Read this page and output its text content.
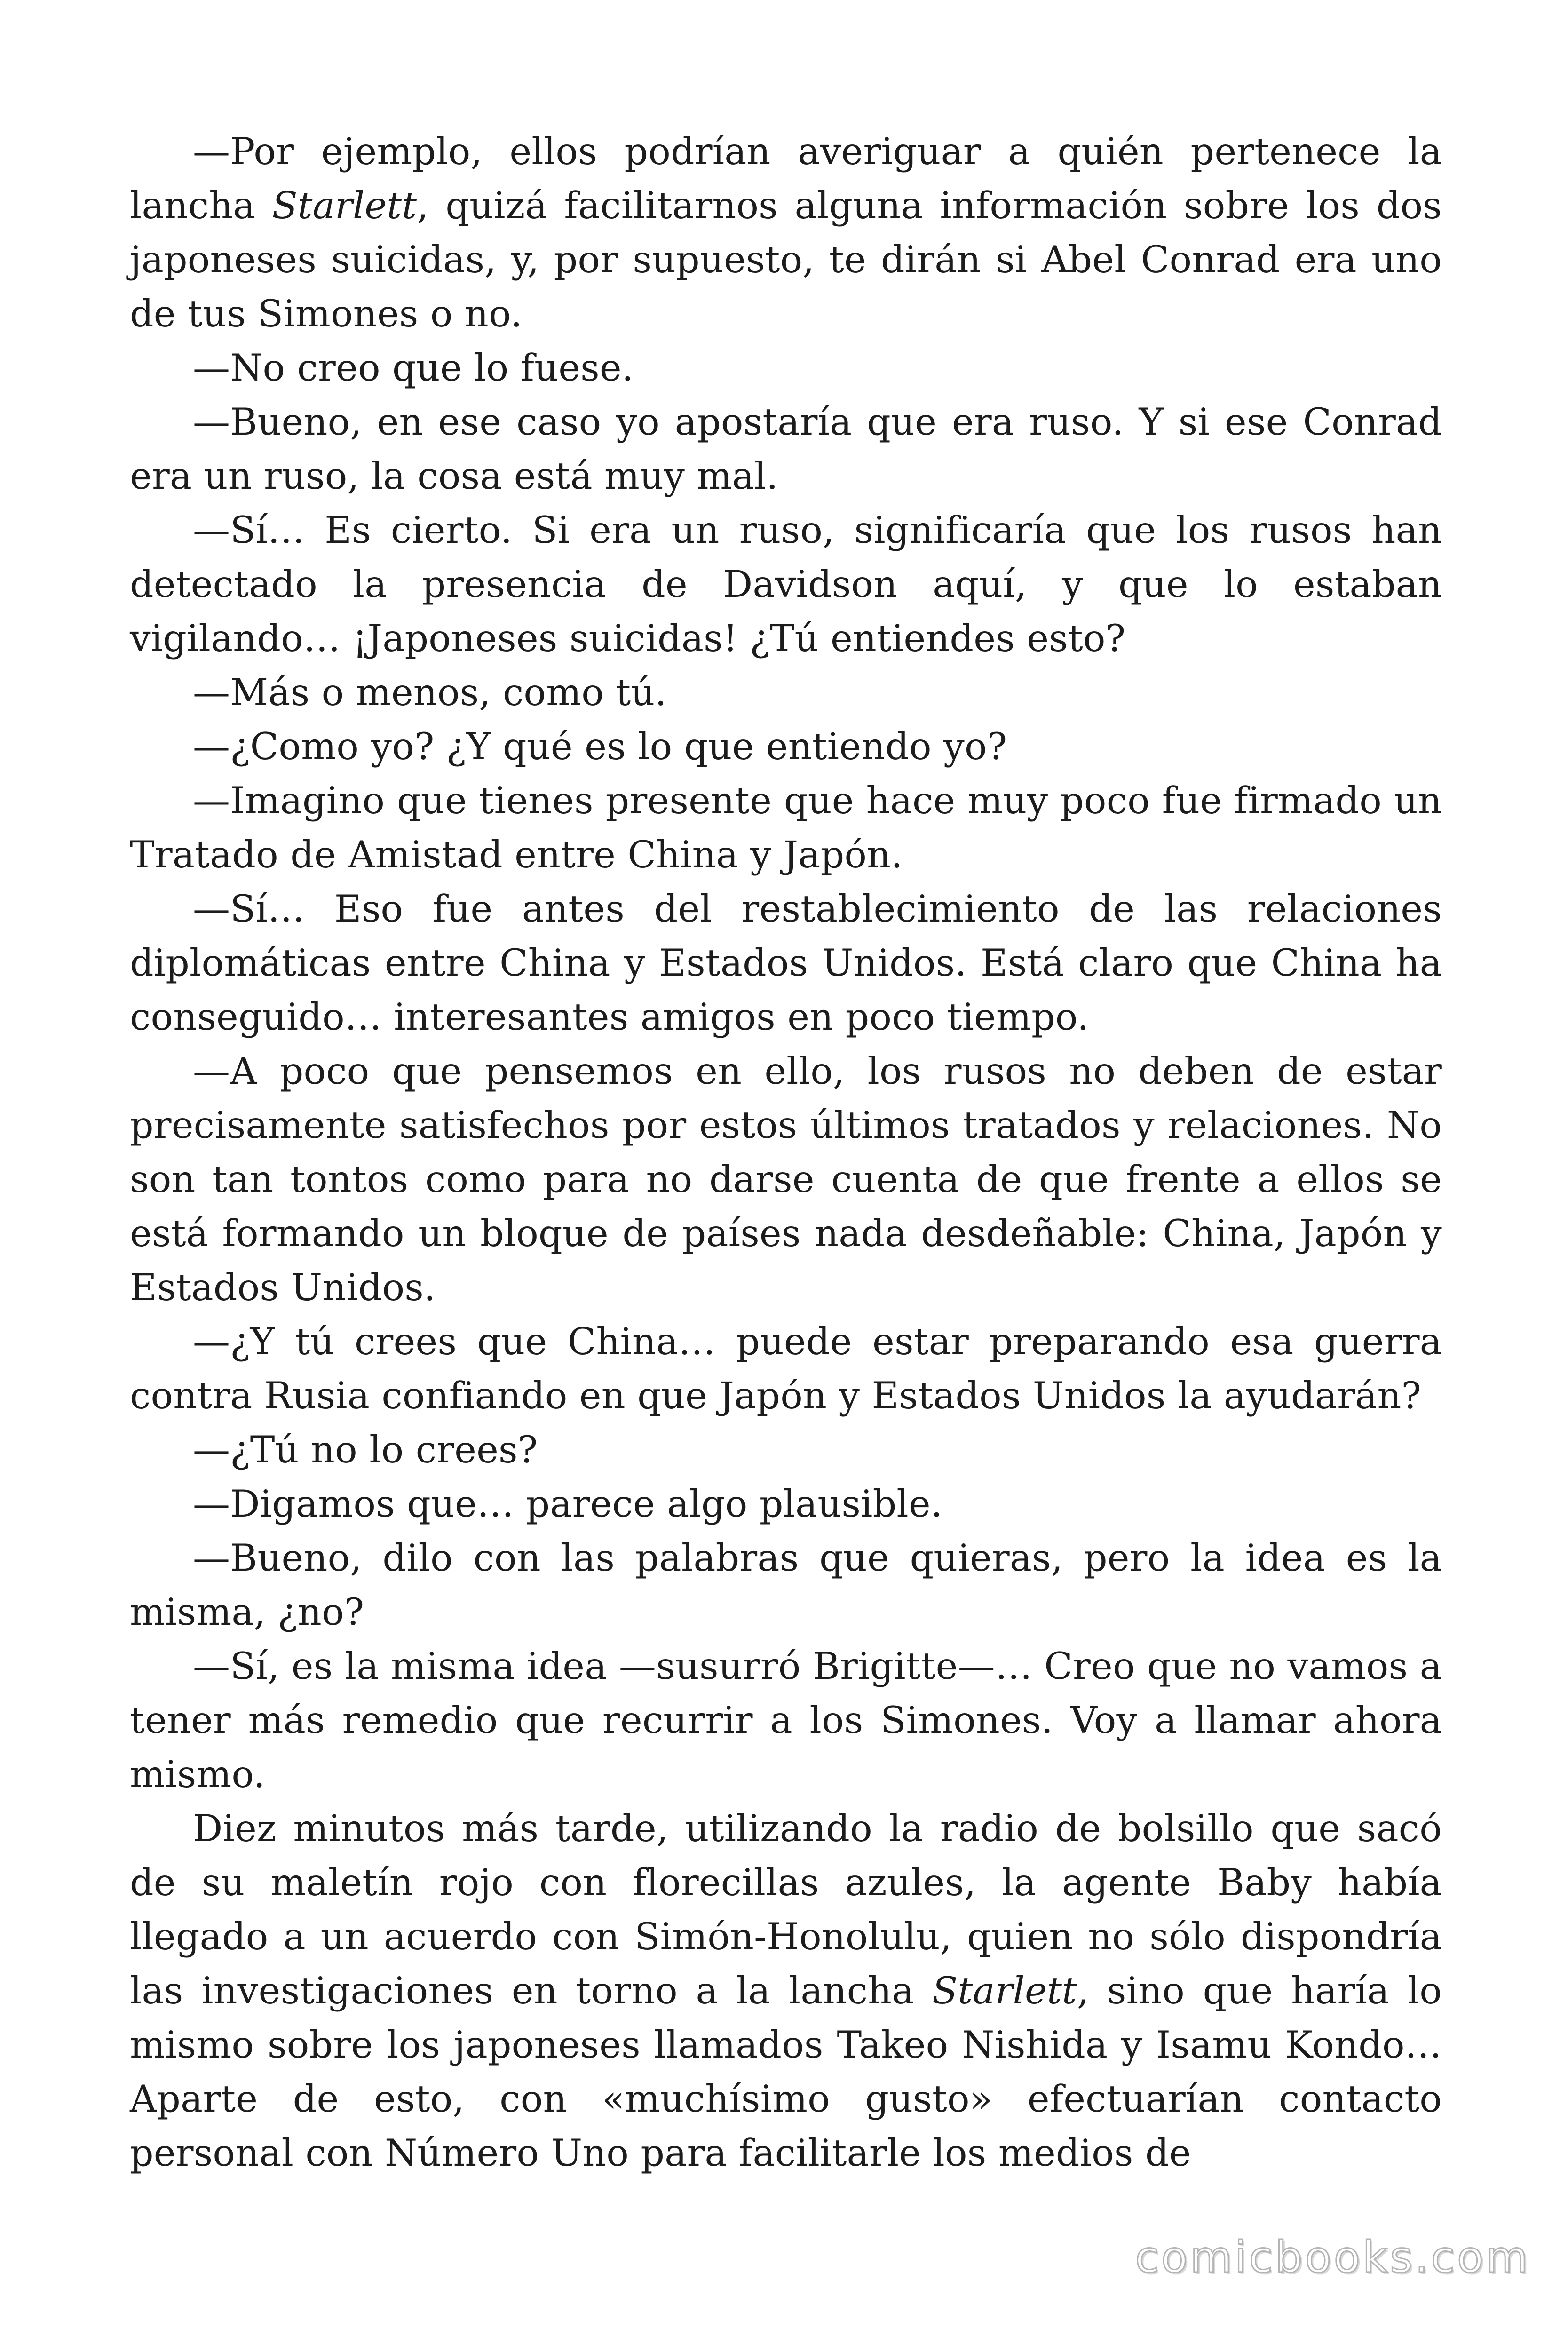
—Por ejemplo, ellos podrían averiguar a quién pertenece la lancha Starlett, quizá facilitarnos alguna información sobre los dos japoneses suicidas, y, por supuesto, te dirán si Abel Conrad era uno de tus Simones o no.

—No creo que lo fuese.

—Bueno, en ese caso yo apostaría que era ruso. Y si ese Conrad era un ruso, la cosa está muy mal.

—Sí… Es cierto. Si era un ruso, significaría que los rusos han detectado la presencia de Davidson aquí, y que lo estaban vigilando… ¡Japoneses suicidas! ¿Tú entiendes esto?

—Más o menos, como tú.

—¿Como yo? ¿Y qué es lo que entiendo yo?

—Imagino que tienes presente que hace muy poco fue firmado un Tratado de Amistad entre China y Japón.

—Sí… Eso fue antes del restablecimiento de las relaciones diplomáticas entre China y Estados Unidos. Está claro que China ha conseguido… interesantes amigos en poco tiempo.

—A poco que pensemos en ello, los rusos no deben de estar precisamente satisfechos por estos últimos tratados y relaciones. No son tan tontos como para no darse cuenta de que frente a ellos se está formando un bloque de países nada desdeñable: China, Japón y Estados Unidos.

—¿Y tú crees que China… puede estar preparando esa guerra contra Rusia confiando en que Japón y Estados Unidos la ayudarán?

—¿Tú no lo crees?

—Digamos que… parece algo plausible.

—Bueno, dilo con las palabras que quieras, pero la idea es la misma, ¿no?

—Sí, es la misma idea —susurró Brigitte—… Creo que no vamos a tener más remedio que recurrir a los Simones. Voy a llamar ahora mismo.

Diez minutos más tarde, utilizando la radio de bolsillo que sacó de su maletín rojo con florecillas azules, la agente Baby había llegado a un acuerdo con Simón-Honolulu, quien no sólo dispondría las investigaciones en torno a la lancha Starlett, sino que haría lo mismo sobre los japoneses llamados Takeo Nishida y Isamu Kondo… Aparte de esto, con «muchísimo gusto» efectuarían contacto personal con Número Uno para facilitarle los medios de

comicbooks.com
